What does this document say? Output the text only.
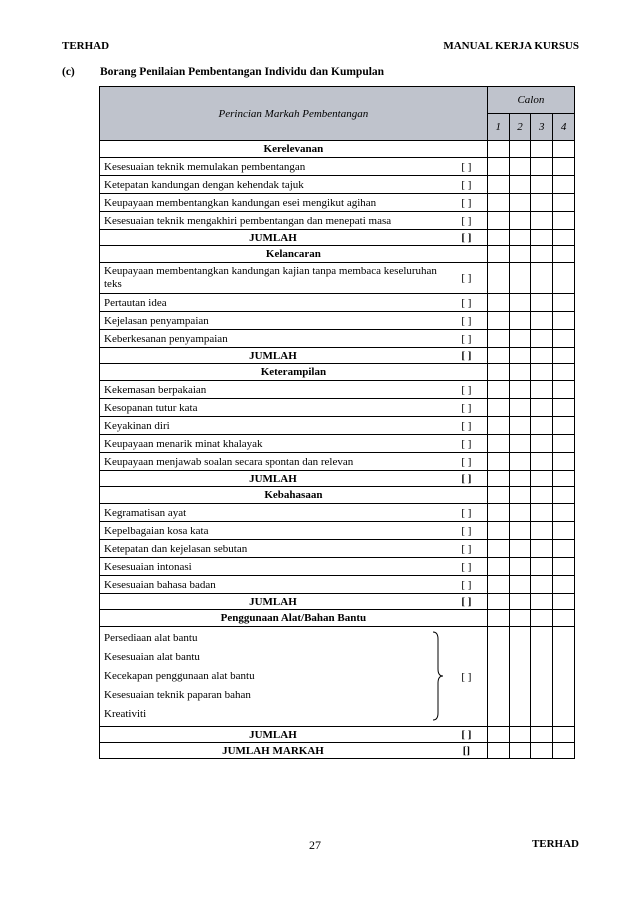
TERHAD	MANUAL KERJA KURSUS
(c) Borang Penilaian Pembentangan Individu dan Kumpulan
Perincian Markah Pembentangan		Calon			
		1	2	3	4
Kerelevanan					
Kesesuaian teknik memulakan pembentangan	[ ]				
Ketepatan kandungan dengan kehendak tajuk	[ ]				
Keupayaan membentangkan kandungan esei mengikut agihan	[ ]				
Kesesuaian teknik mengakhiri pembentangan dan menepati masa	[ ]				
JUMLAH	[ ]				
Kelancaran					
Keupayaan membentangkan kandungan kajian tanpa membaca keseluruhan teks	[ ]				
Pertautan idea	[ ]				
Kejelasan penyampaian	[ ]				
Keberkesanan penyampaian	[ ]				
JUMLAH	[ ]				
Keterampilan					
Kekemasan berpakaian	[ ]				
Kesopanan tutur kata	[ ]				
Keyakinan diri	[ ]				
Keupayaan menarik minat khalayak	[ ]				
Keupayaan menjawab soalan secara spontan dan relevan	[ ]				
JUMLAH	[ ]				
Kebahasaan					
Kegramatisan ayat	[ ]				
Kepelbagaian kosa kata	[ ]				
Ketepatan dan kejelasan sebutan	[ ]				
Kesesuaian intonasi	[ ]				
Kesesuaian bahasa badan	[ ]				
JUMLAH	[ ]				
Penggunaan Alat/Bahan Bantu					

Persediaan alat bantu
Kesesuaian alat bantu
Kecekapan penggunaan alat bantu
Kesesuaian teknik paparan bahan
Kreativiti	[ ]				
JUMLAH	[ ]				
JUMLAH MARKAH	[]				
27	TERHAD
